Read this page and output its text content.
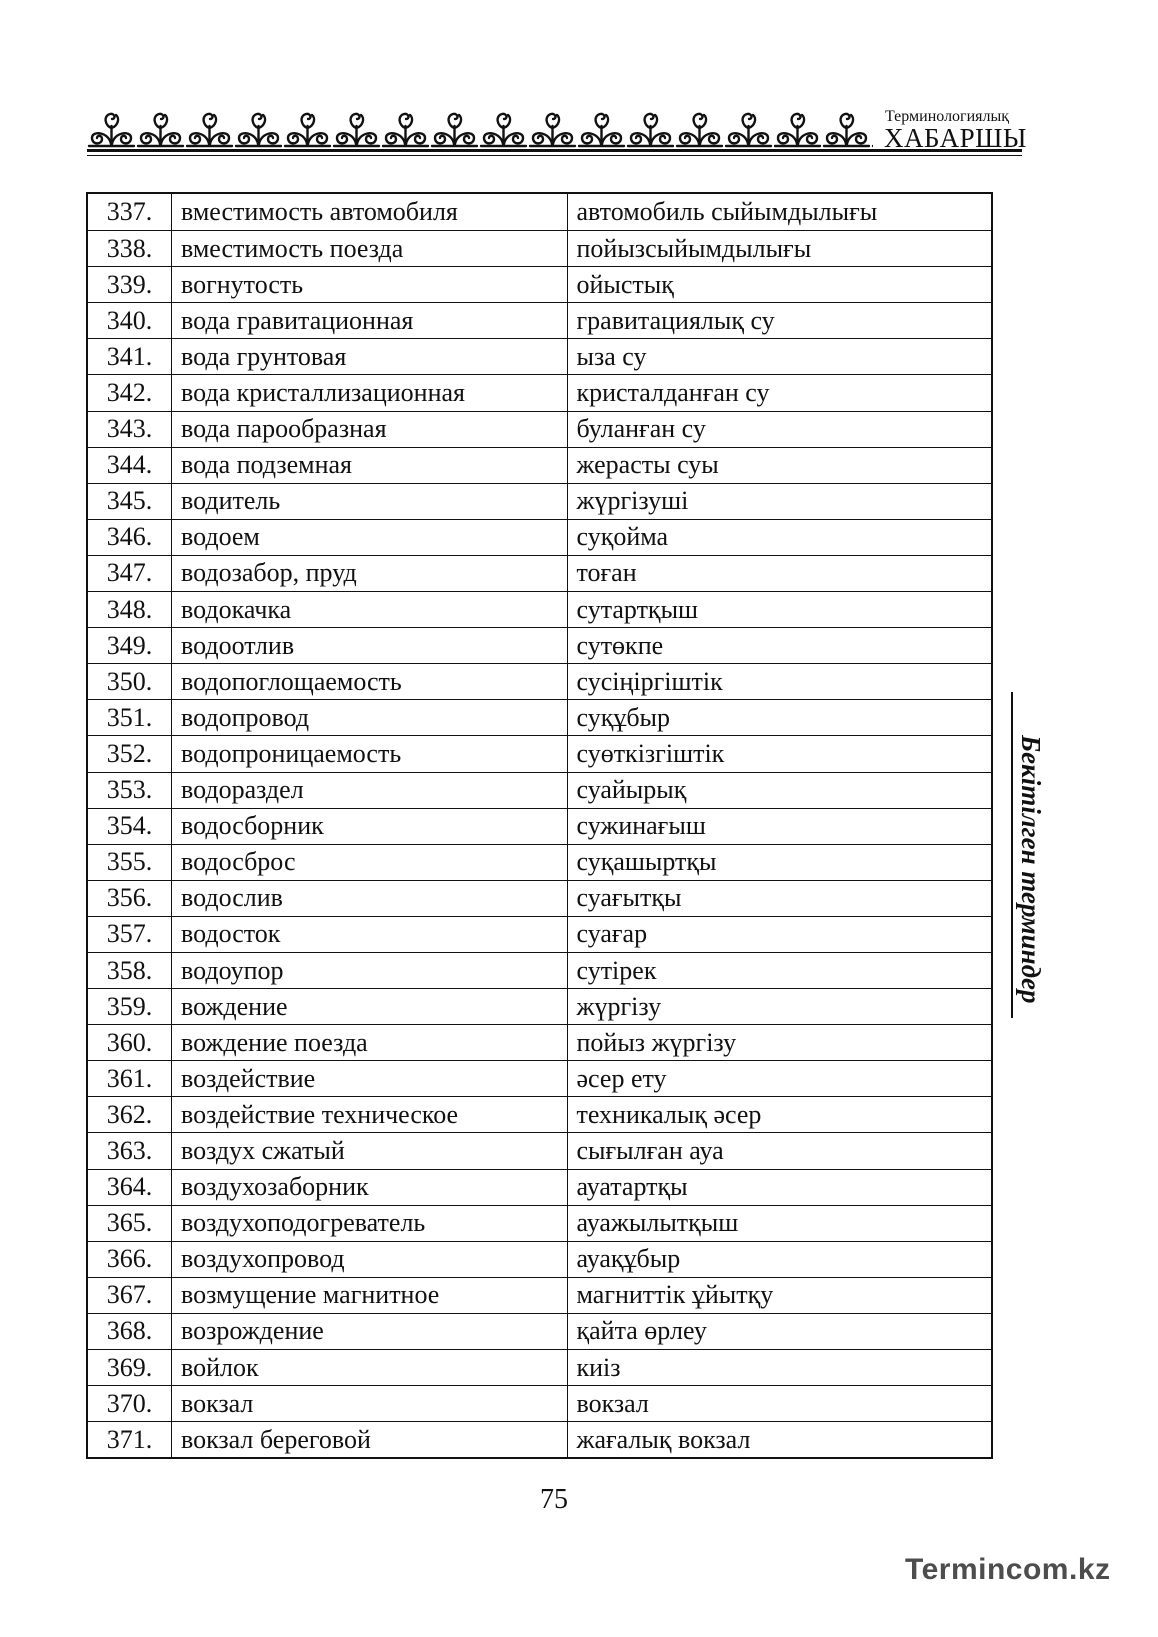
Терминологиялық
ХАБАРШЫ
337.	вместимость автомобиля	автомобиль сыйымдылығы
338.	вместимость поезда	пойызсыйымдылығы
339.	вогнутость	ойыстық
340.	вода гравитационная	гравитациялық су
341.	вода грунтовая	ыза су
342.	вода кристаллизационная	кристалданған су
343.	вода парообразная	буланған су
344.	вода подземная	жерасты суы
345.	водитель	жүргізуші
346.	водоем	суқойма
347.	водозабор, пруд	тоған
348.	водокачка	сутартқыш
349.	водоотлив	сутөкпе
350.	водопоглощаемость	сусіңіргіштік
351.	водопровод	суқұбыр
352.	водопроницаемость	суөткізгіштік
353.	водораздел	суайырық
354.	водосборник	сужинағыш
355.	водосброс	суқашыртқы
356.	водослив	суағытқы
357.	водосток	суағар
358.	водоупор	сутірек
359.	вождение	жүргізу
360.	вождение поезда	пойыз жүргізу
361.	воздействие	әсер ету
362.	воздействие техническое	техникалық әсер
363.	воздух сжатый	сығылған ауа
364.	воздухозаборник	ауатартқы
365.	воздухоподогреватель	ауажылытқыш
366.	воздухопровод	ауақұбыр
367.	возмущение магнитное	магниттік ұйытқу
368.	возрождение	қайта өрлеу
369.	войлок	киіз
370.	вокзал	вокзал
371.	вокзал береговой	жағалық вокзал
Бекітілген терминдер
75
Termincom.kz
